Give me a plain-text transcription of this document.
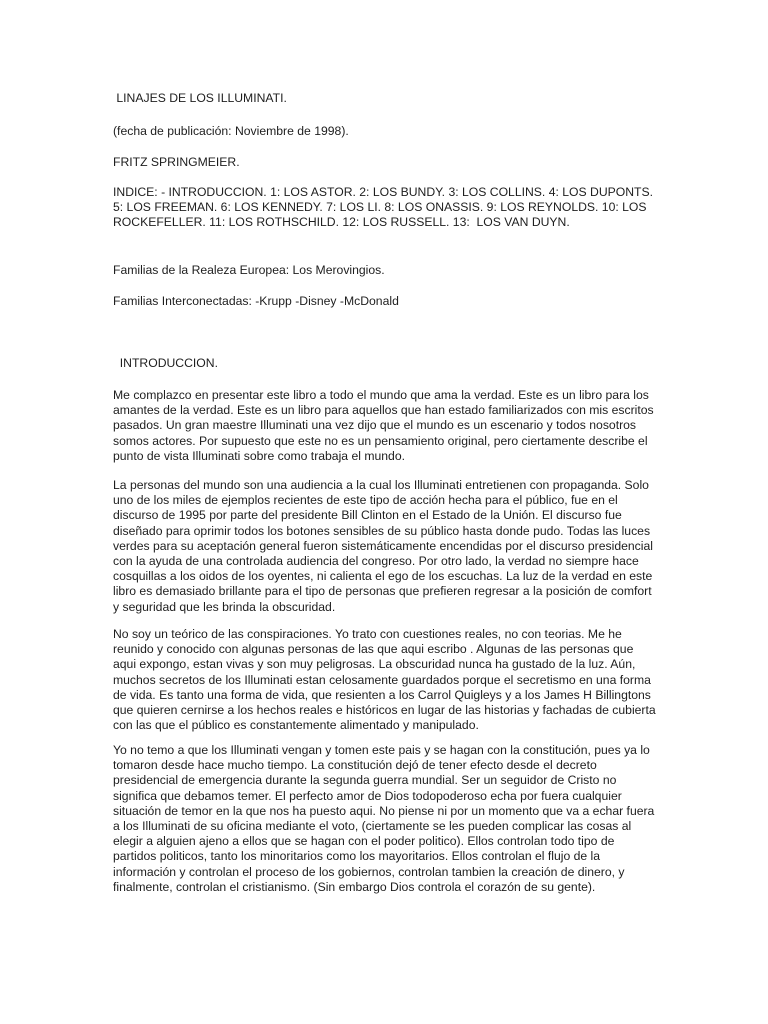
LINAJES DE LOS ILLUMINATI.

(fecha de publicación: Noviembre de 1998).

FRITZ SPRINGMEIER.

INDICE: - INTRODUCCION. 1: LOS ASTOR. 2: LOS BUNDY. 3: LOS COLLINS. 4: LOS DUPONTS. 5: LOS FREEMAN. 6: LOS KENNEDY. 7: LOS LI. 8: LOS ONASSIS. 9: LOS REYNOLDS. 10: LOS ROCKEFELLER. 11: LOS ROTHSCHILD. 12: LOS RUSSELL. 13:  LOS VAN DUYN.

Familias de la Realeza Europea: Los Merovingios.

Familias Interconectadas: -Krupp -Disney -McDonald

INTRODUCCION.

Me complazco en presentar este libro a todo el mundo que ama la verdad. Este es un libro para los amantes de la verdad. Este es un libro para aquellos que han estado familiarizados con mis escritos pasados. Un gran maestre Illuminati una vez dijo que el mundo es un escenario y todos nosotros somos actores. Por supuesto que este no es un pensamiento original, pero ciertamente describe el punto de vista Illuminati sobre como trabaja el mundo.

La personas del mundo son una audiencia a la cual los Illuminati entretienen con propaganda. Solo uno de los miles de ejemplos recientes de este tipo de acción hecha para el público, fue en el discurso de 1995 por parte del presidente Bill Clinton en el Estado de la Unión. El discurso fue diseñado para oprimir todos los botones sensibles de su público hasta donde pudo. Todas las luces verdes para su aceptación general fueron sistemáticamente encendidas por el discurso presidencial con la ayuda de una controlada audiencia del congreso. Por otro lado, la verdad no siempre hace cosquillas a los oidos de los oyentes, ni calienta el ego de los escuchas. La luz de la verdad en este libro es demasiado brillante para el tipo de personas que prefieren regresar a la posición de comfort y seguridad que les brinda la obscuridad.

No soy un teórico de las conspiraciones. Yo trato con cuestiones reales, no con teorias. Me he reunido y conocido con algunas personas de las que aqui escribo . Algunas de las personas que aqui expongo, estan vivas y son muy peligrosas. La obscuridad nunca ha gustado de la luz. Aún, muchos secretos de los Illuminati estan celosamente guardados porque el secretismo en una forma de vida. Es tanto una forma de vida, que resienten a los Carrol Quigleys y a los James H Billingtons que quieren cernirse a los hechos reales e históricos en lugar de las historias y fachadas de cubierta con las que el público es constantemente alimentado y manipulado.

Yo no temo a que los Illuminati vengan y tomen este pais y se hagan con la constitución, pues ya lo tomaron desde hace mucho tiempo. La constitución dejó de tener efecto desde el decreto presidencial de emergencia durante la segunda guerra mundial. Ser un seguidor de Cristo no significa que debamos temer. El perfecto amor de Dios todopoderoso echa por fuera cualquier situación de temor en la que nos ha puesto aqui. No piense ni por un momento que va a echar fuera a los Illuminati de su oficina mediante el voto, (ciertamente se les pueden complicar las cosas al elegir a alguien ajeno a ellos que se hagan con el poder politico). Ellos controlan todo tipo de partidos politicos, tanto los minoritarios como los mayoritarios. Ellos controlan el flujo de la información y controlan el proceso de los gobiernos, controlan tambien la creación de dinero, y finalmente, controlan el cristianismo. (Sin embargo Dios controla el corazón de su gente).
